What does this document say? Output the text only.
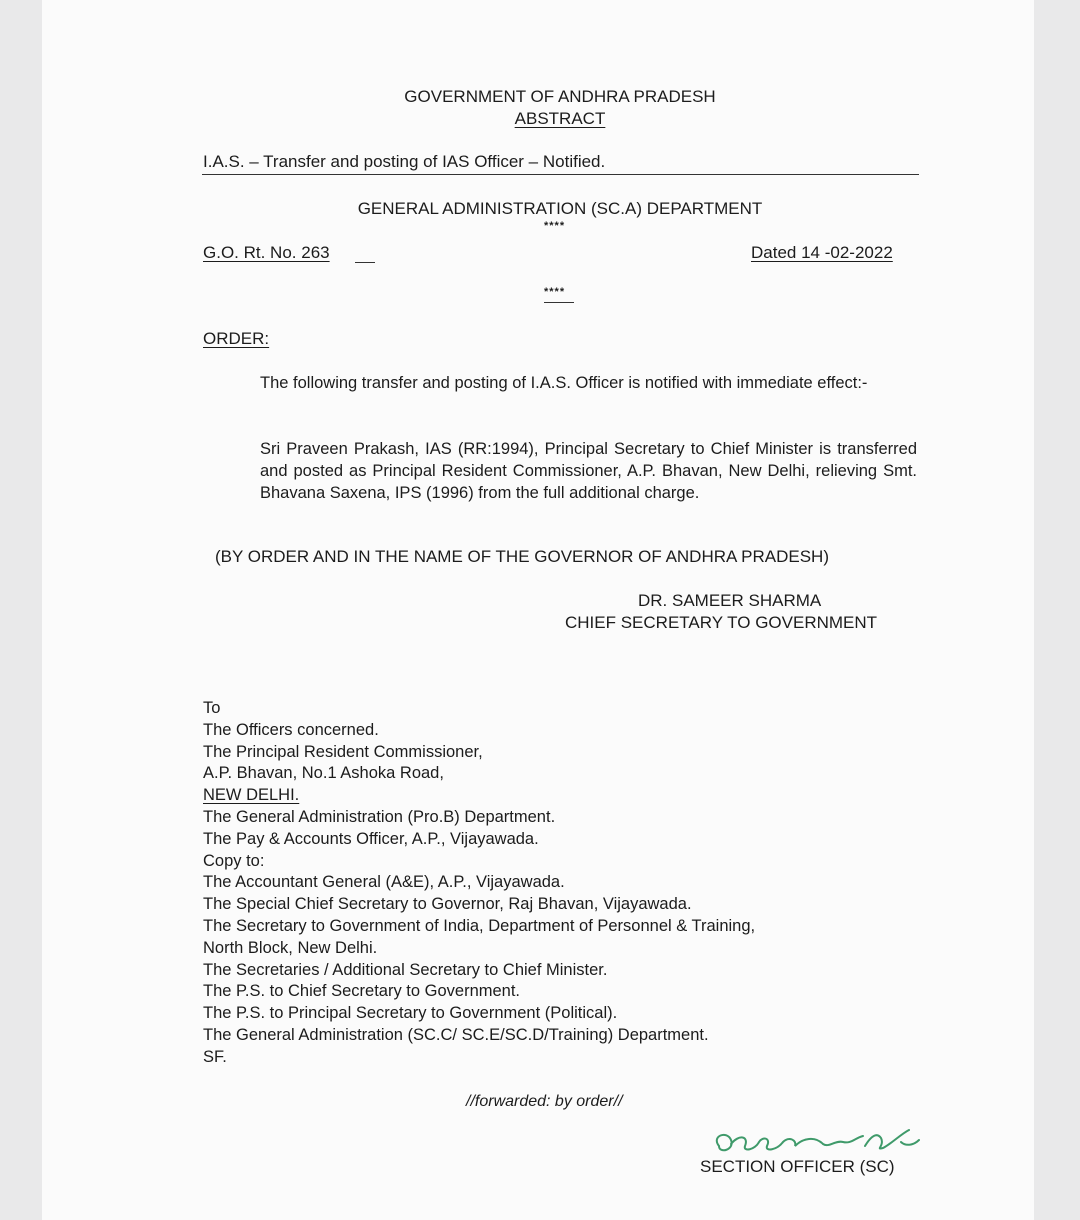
GOVERNMENT OF ANDHRA PRADESH
ABSTRACT
I.A.S. – Transfer and posting of IAS Officer – Notified.
GENERAL ADMINISTRATION (SC.A) DEPARTMENT
****
G.O. Rt. No. 263	Dated 14 -02-2022
****
ORDER:
The following transfer and posting of I.A.S. Officer is notified with immediate effect:-
Sri Praveen Prakash, IAS (RR:1994), Principal Secretary to Chief Minister is transferred and posted as Principal Resident Commissioner, A.P. Bhavan, New Delhi, relieving Smt. Bhavana Saxena, IPS (1996) from the full additional charge.
(BY ORDER AND IN THE NAME OF THE GOVERNOR OF ANDHRA PRADESH)
DR. SAMEER SHARMA
CHIEF SECRETARY TO GOVERNMENT
To
The Officers concerned.
The Principal Resident Commissioner,
A.P. Bhavan, No.1 Ashoka Road,
NEW DELHI.
The General Administration (Pro.B) Department.
The Pay & Accounts Officer, A.P., Vijayawada.
Copy to:
The Accountant General (A&E), A.P., Vijayawada.
The Special Chief Secretary to Governor, Raj Bhavan, Vijayawada.
The Secretary to Government of India, Department of Personnel & Training,
North Block, New Delhi.
The Secretaries / Additional Secretary to Chief Minister.
The P.S. to Chief Secretary to Government.
The P.S. to Principal Secretary to Government (Political).
The General Administration (SC.C/ SC.E/SC.D/Training) Department.
SF.
//forwarded: by order//
SECTION OFFICER (SC)
